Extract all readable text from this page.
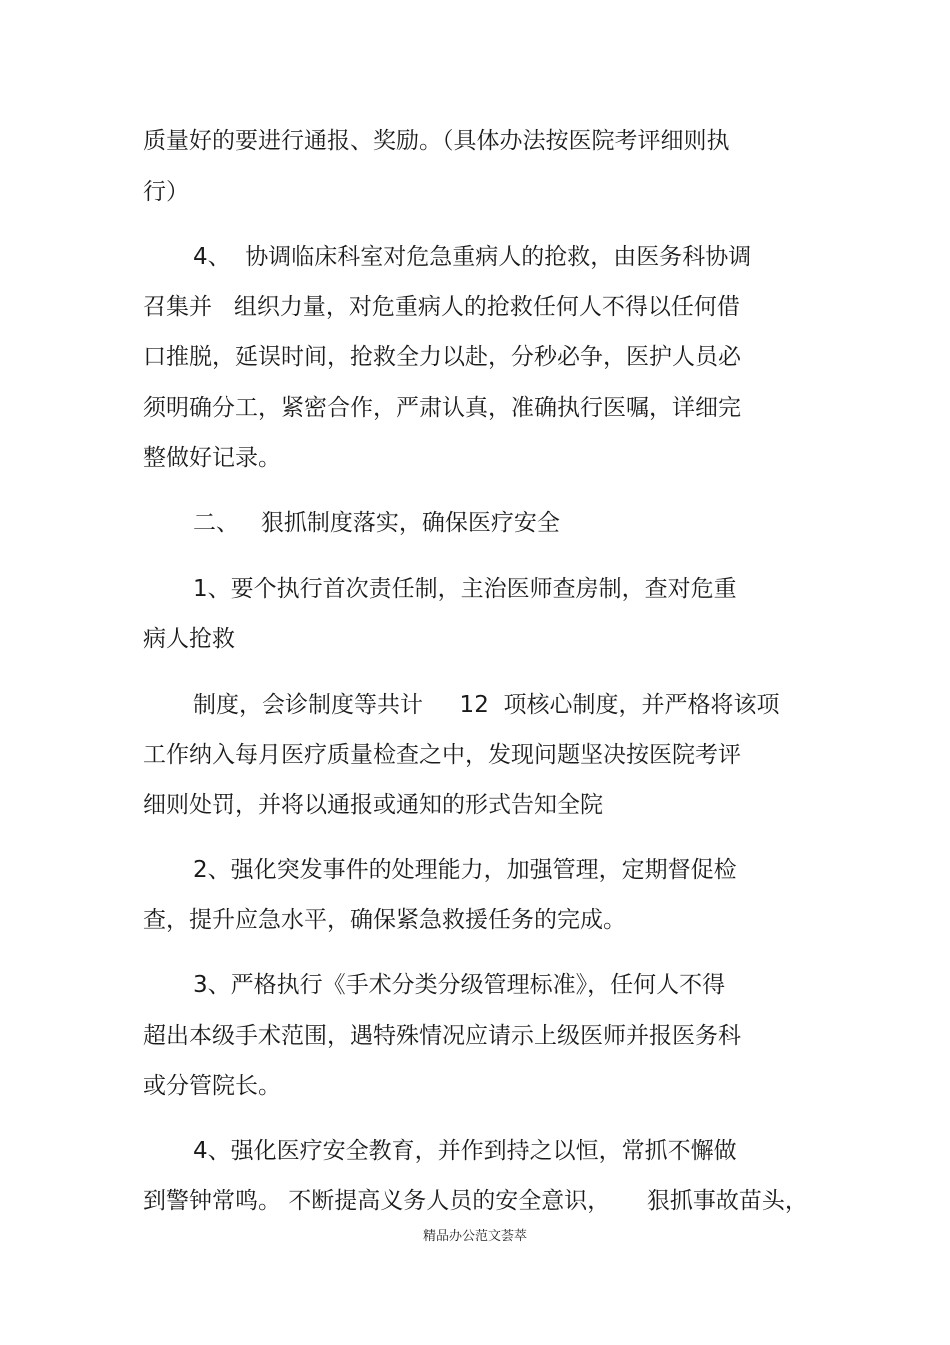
质量好的要进行通报、奖励。（具体办法按医院考评细则执
行）
4、  协调临床科室对危急重病人的抢救，由医务科协调
召集并   组织力量，对危重病人的抢救任何人不得以任何借
口推脱，延误时间，抢救全力以赴，分秒必争，医护人员必
须明确分工，紧密合作，严肃认真，准确执行医嘱，详细完
整做好记录。
二、   狠抓制度落实，确保医疗安全
1、要个执行首次责任制，主治医师查房制，查对危重
病人抢救
制度，会诊制度等共计     12  项核心制度，并严格将该项
工作纳入每月医疗质量检查之中，发现问题坚决按医院考评
细则处罚，并将以通报或通知的形式告知全院
2、强化突发事件的处理能力，加强管理，定期督促检
查，提升应急水平，确保紧急救援任务的完成。
3、严格执行《手术分类分级管理标准》，任何人不得
超出本级手术范围，遇特殊情况应请示上级医师并报医务科
或分管院长。
4、强化医疗安全教育，并作到持之以恒，常抓不懈做
到警钟常鸣。 不断提高义务人员的安全意识，     狠抓事故苗头，
精品办公范文荟萃
